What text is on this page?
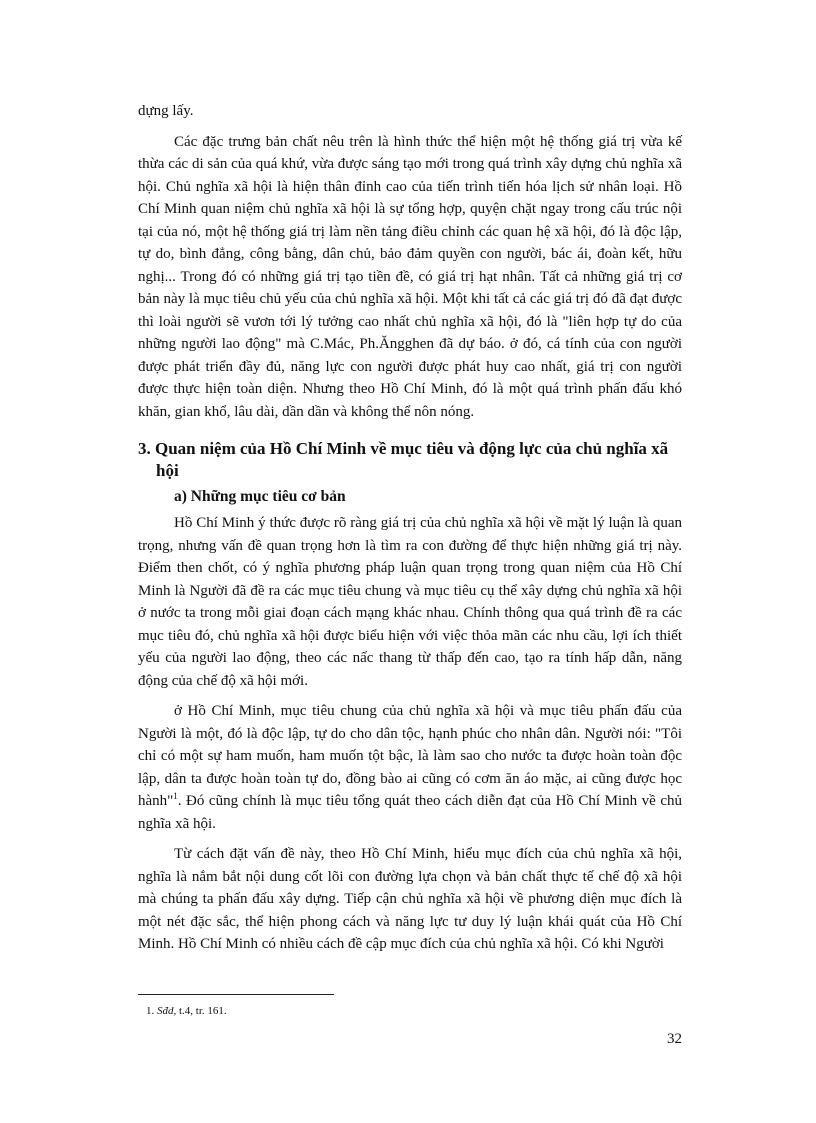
dựng lấy.

Các đặc trưng bản chất nêu trên là hình thức thể hiện một hệ thống giá trị vừa kế thừa các di sản của quá khứ, vừa được sáng tạo mới trong quá trình xây dựng chủ nghĩa xã hội. Chủ nghĩa xã hội là hiện thân đỉnh cao của tiến trình tiến hóa lịch sử nhân loại. Hồ Chí Minh quan niệm chủ nghĩa xã hội là sự tổng hợp, quyện chặt ngay trong cấu trúc nội tại của nó, một hệ thống giá trị làm nền tảng điều chỉnh các quan hệ xã hội, đó là độc lập, tự do, bình đẳng, công bằng, dân chủ, bảo đảm quyền con người, bác ái, đoàn kết, hữu nghị... Trong đó có những giá trị tạo tiền đề, có giá trị hạt nhân. Tất cả những giá trị cơ bản này là mục tiêu chủ yếu của chủ nghĩa xã hội. Một khi tất cả các giá trị đó đã đạt được thì loài người sẽ vươn tới lý tưởng cao nhất chủ nghĩa xã hội, đó là "liên hợp tự do của những người lao động" mà C.Mác, Ph.Ăngghen đã dự báo. ở đó, cá tính của con người được phát triển đầy đủ, năng lực con người được phát huy cao nhất, giá trị con người được thực hiện toàn diện. Nhưng theo Hồ Chí Minh, đó là một quá trình phấn đấu khó khăn, gian khổ, lâu dài, dần dần và không thể nôn nóng.

3. Quan niệm của Hồ Chí Minh về mục tiêu và động lực của chủ nghĩa xã hội
a) Những mục tiêu cơ bản

Hồ Chí Minh ý thức được rõ ràng giá trị của chủ nghĩa xã hội về mặt lý luận là quan trọng, nhưng vấn đề quan trọng hơn là tìm ra con đường để thực hiện những giá trị này. Điểm then chốt, có ý nghĩa phương pháp luận quan trọng trong quan niệm của Hồ Chí Minh là Người đã đề ra các mục tiêu chung và mục tiêu cụ thể xây dựng chủ nghĩa xã hội ở nước ta trong mỗi giai đoạn cách mạng khác nhau. Chính thông qua quá trình đề ra các mục tiêu đó, chủ nghĩa xã hội được biểu hiện với việc thỏa mãn các nhu cầu, lợi ích thiết yếu của người lao động, theo các nấc thang từ thấp đến cao, tạo ra tính hấp dẫn, năng động của chế độ xã hội mới.

ở Hồ Chí Minh, mục tiêu chung của chủ nghĩa xã hội và mục tiêu phấn đấu của Người là một, đó là độc lập, tự do cho dân tộc, hạnh phúc cho nhân dân. Người nói: "Tôi chỉ có một sự ham muốn, ham muốn tột bậc, là làm sao cho nước ta được hoàn toàn độc lập, dân ta được hoàn toàn tự do, đồng bào ai cũng có cơm ăn áo mặc, ai cũng được học hành"$^1$. Đó cũng chính là mục tiêu tổng quát theo cách diễn đạt của Hồ Chí Minh về chủ nghĩa xã hội.

Từ cách đặt vấn đề này, theo Hồ Chí Minh, hiểu mục đích của chủ nghĩa xã hội, nghĩa là nắm bắt nội dung cốt lõi con đường lựa chọn và bản chất thực tế chế độ xã hội mà chúng ta phấn đấu xây dựng. Tiếp cận chủ nghĩa xã hội về phương diện mục đích là một nét đặc sắc, thể hiện phong cách và năng lực tư duy lý luận khái quát của Hồ Chí Minh. Hồ Chí Minh có nhiều cách đề cập mục đích của chủ nghĩa xã hội. Có khi Người

1. Sđd, t.4, tr. 161.

32
